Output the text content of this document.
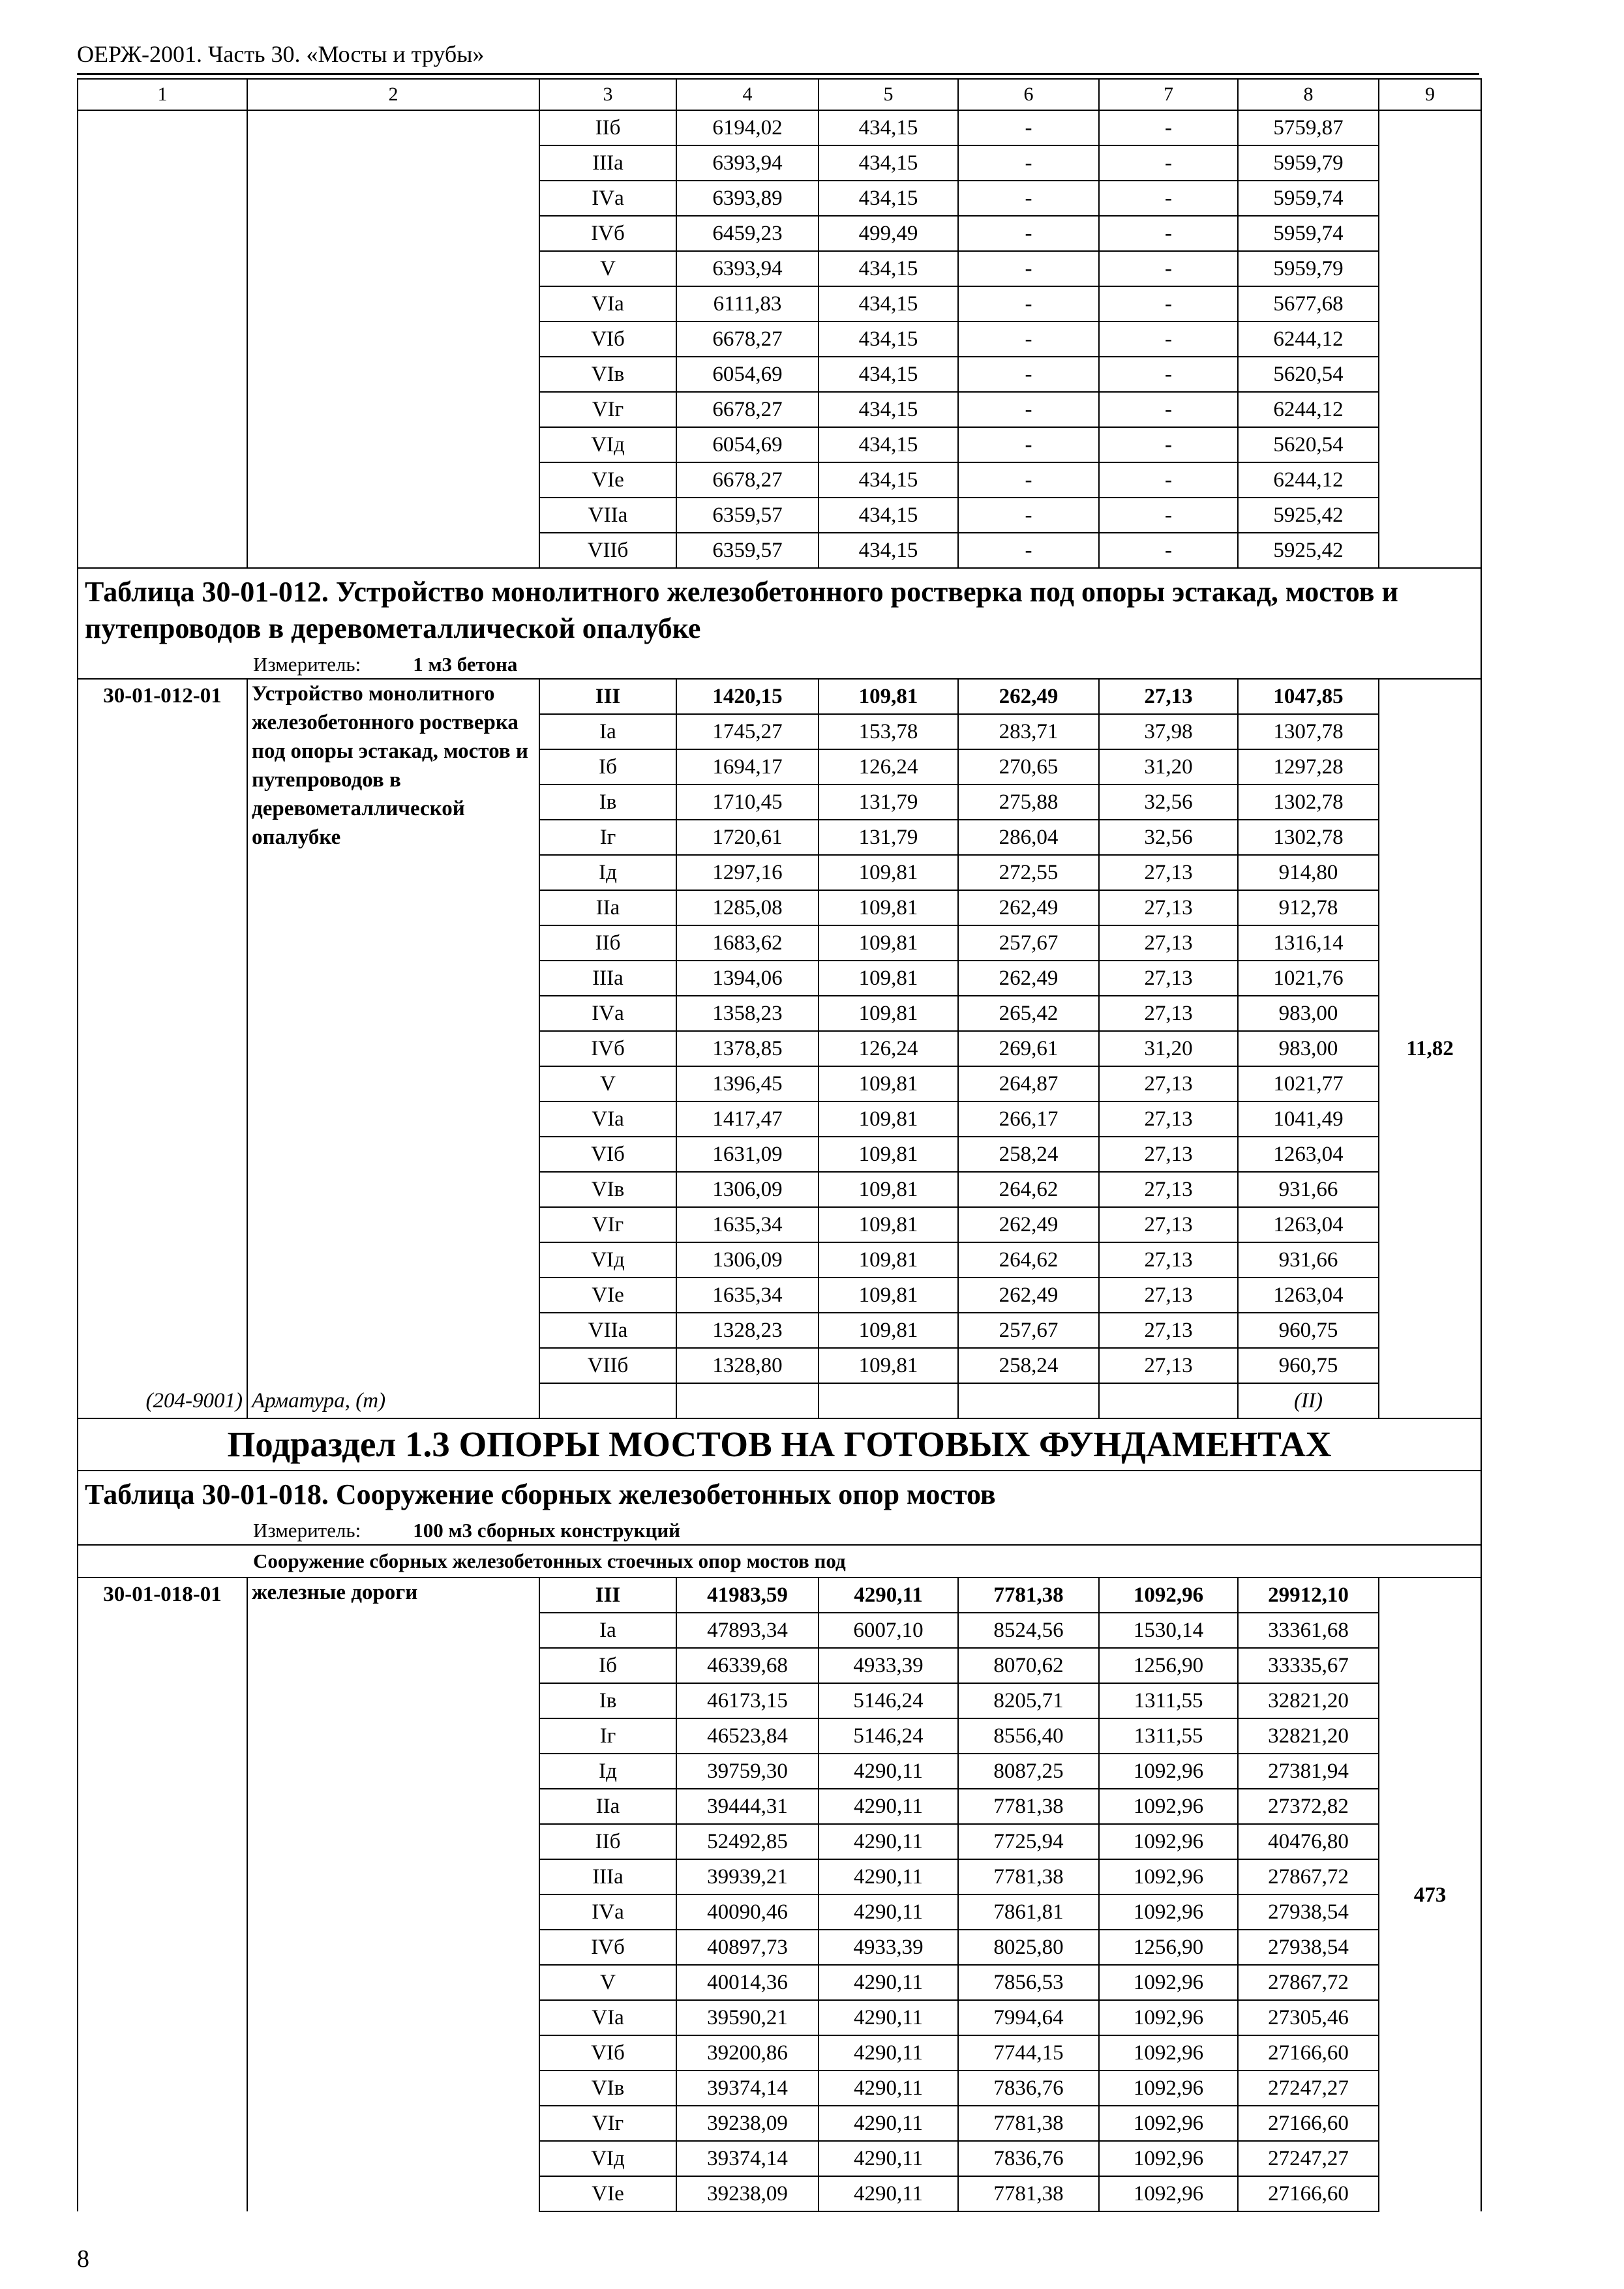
ОЕРЖ-2001. Часть 30. «Мосты и трубы»
1	2	3	4	5	6	7	8	9
		IIб	6194,02	434,15	-	-	5759,87	
		IIIа	6393,94	434,15	-	-	5959,79	
		IVа	6393,89	434,15	-	-	5959,74	
		IVб	6459,23	499,49	-	-	5959,74	
		V	6393,94	434,15	-	-	5959,79	
		VIа	6111,83	434,15	-	-	5677,68	
		VIб	6678,27	434,15	-	-	6244,12	
		VIв	6054,69	434,15	-	-	5620,54	
		VIг	6678,27	434,15	-	-	6244,12	
		VIд	6054,69	434,15	-	-	5620,54	
		VIе	6678,27	434,15	-	-	6244,12	
		VIIа	6359,57	434,15	-	-	5925,42	
		VIIб	6359,57	434,15	-	-	5925,42	
Таблица 30-01-012. Устройство монолитного железобетонного ростверка под опоры эстакад, мостов и путепроводов в деревометаллической опалубке								
Измеритель: 1 м3 бетона								
30-01-012-01	Устройство монолитного железобетонного ростверка под опоры эстакад, мостов и путепроводов в деревометаллической опалубке	III	1420,15	109,81	262,49	27,13	1047,85	11,82
		Iа	1745,27	153,78	283,71	37,98	1307,78	
		Iб	1694,17	126,24	270,65	31,20	1297,28	
		Iв	1710,45	131,79	275,88	32,56	1302,78	
		Iг	1720,61	131,79	286,04	32,56	1302,78	
		Iд	1297,16	109,81	272,55	27,13	914,80	
		IIа	1285,08	109,81	262,49	27,13	912,78	
		IIб	1683,62	109,81	257,67	27,13	1316,14	
		IIIа	1394,06	109,81	262,49	27,13	1021,76	
		IVа	1358,23	109,81	265,42	27,13	983,00	
		IVб	1378,85	126,24	269,61	31,20	983,00	
		V	1396,45	109,81	264,87	27,13	1021,77	
		VIа	1417,47	109,81	266,17	27,13	1041,49	
		VIб	1631,09	109,81	258,24	27,13	1263,04	
		VIв	1306,09	109,81	264,62	27,13	931,66	
		VIг	1635,34	109,81	262,49	27,13	1263,04	
		VIд	1306,09	109,81	264,62	27,13	931,66	
		VIе	1635,34	109,81	262,49	27,13	1263,04	
		VIIа	1328,23	109,81	257,67	27,13	960,75	
		VIIб	1328,80	109,81	258,24	27,13	960,75	
(204-9001)	Арматура, (т)						(II)	
Подраздел 1.3 ОПОРЫ МОСТОВ НА ГОТОВЫХ ФУНДАМЕНТАХ								
Таблица 30-01-018. Сооружение сборных железобетонных опор мостов								
Измеритель: 100 м3 сборных конструкций								
Сооружение сборных железобетонных стоечных опор мостов под								
30-01-018-01	железные дороги	III	41983,59	4290,11	7781,38	1092,96	29912,10	473
		Iа	47893,34	6007,10	8524,56	1530,14	33361,68	
		Iб	46339,68	4933,39	8070,62	1256,90	33335,67	
		Iв	46173,15	5146,24	8205,71	1311,55	32821,20	
		Iг	46523,84	5146,24	8556,40	1311,55	32821,20	
		Iд	39759,30	4290,11	8087,25	1092,96	27381,94	
		IIа	39444,31	4290,11	7781,38	1092,96	27372,82	
		IIб	52492,85	4290,11	7725,94	1092,96	40476,80	
		IIIа	39939,21	4290,11	7781,38	1092,96	27867,72	
		IVа	40090,46	4290,11	7861,81	1092,96	27938,54	
		IVб	40897,73	4933,39	8025,80	1256,90	27938,54	
		V	40014,36	4290,11	7856,53	1092,96	27867,72	
		VIа	39590,21	4290,11	7994,64	1092,96	27305,46	
		VIб	39200,86	4290,11	7744,15	1092,96	27166,60	
		VIв	39374,14	4290,11	7836,76	1092,96	27247,27	
		VIг	39238,09	4290,11	7781,38	1092,96	27166,60	
		VIд	39374,14	4290,11	7836,76	1092,96	27247,27	
		VIе	39238,09	4290,11	7781,38	1092,96	27166,60	
8
